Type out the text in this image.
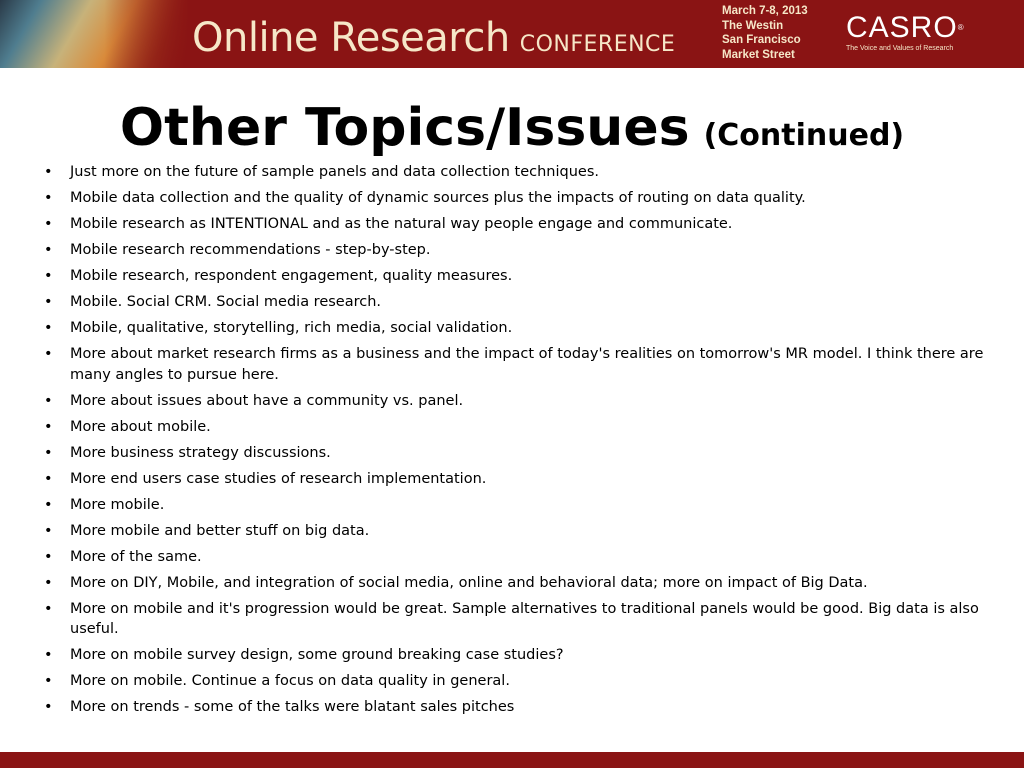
Online Research CONFERENCE
March 7-8, 2013
The Westin
San Francisco
Market Street
CASRO®
The Voice and Values of Research
Other Topics/Issues (Continued)
• Just more on the future of sample panels and data collection techniques.
• Mobile data collection and the quality of dynamic sources plus the impacts of routing on data quality.
• Mobile research as INTENTIONAL and as the natural way people engage and communicate.
• Mobile research recommendations - step-by-step.
• Mobile research, respondent engagement, quality measures.
• Mobile. Social CRM. Social media research.
• Mobile, qualitative, storytelling, rich media, social validation.
• More about market research firms as a business and the impact of today's realities on tomorrow's MR model. I think there are many angles to pursue here.
• More about issues about have a community vs. panel.
• More about mobile.
• More business strategy discussions.
• More end users case studies of research implementation.
• More mobile.
• More mobile and better stuff on big data.
• More of the same.
• More on DIY, Mobile, and integration of social media, online and behavioral data; more on impact of Big Data.
• More on mobile and it's progression would be great. Sample alternatives to traditional panels would be good. Big data is also useful.
• More on mobile survey design, some ground breaking case studies?
• More on mobile. Continue a focus on data quality in general.
• More on trends - some of the talks were blatant sales pitches
